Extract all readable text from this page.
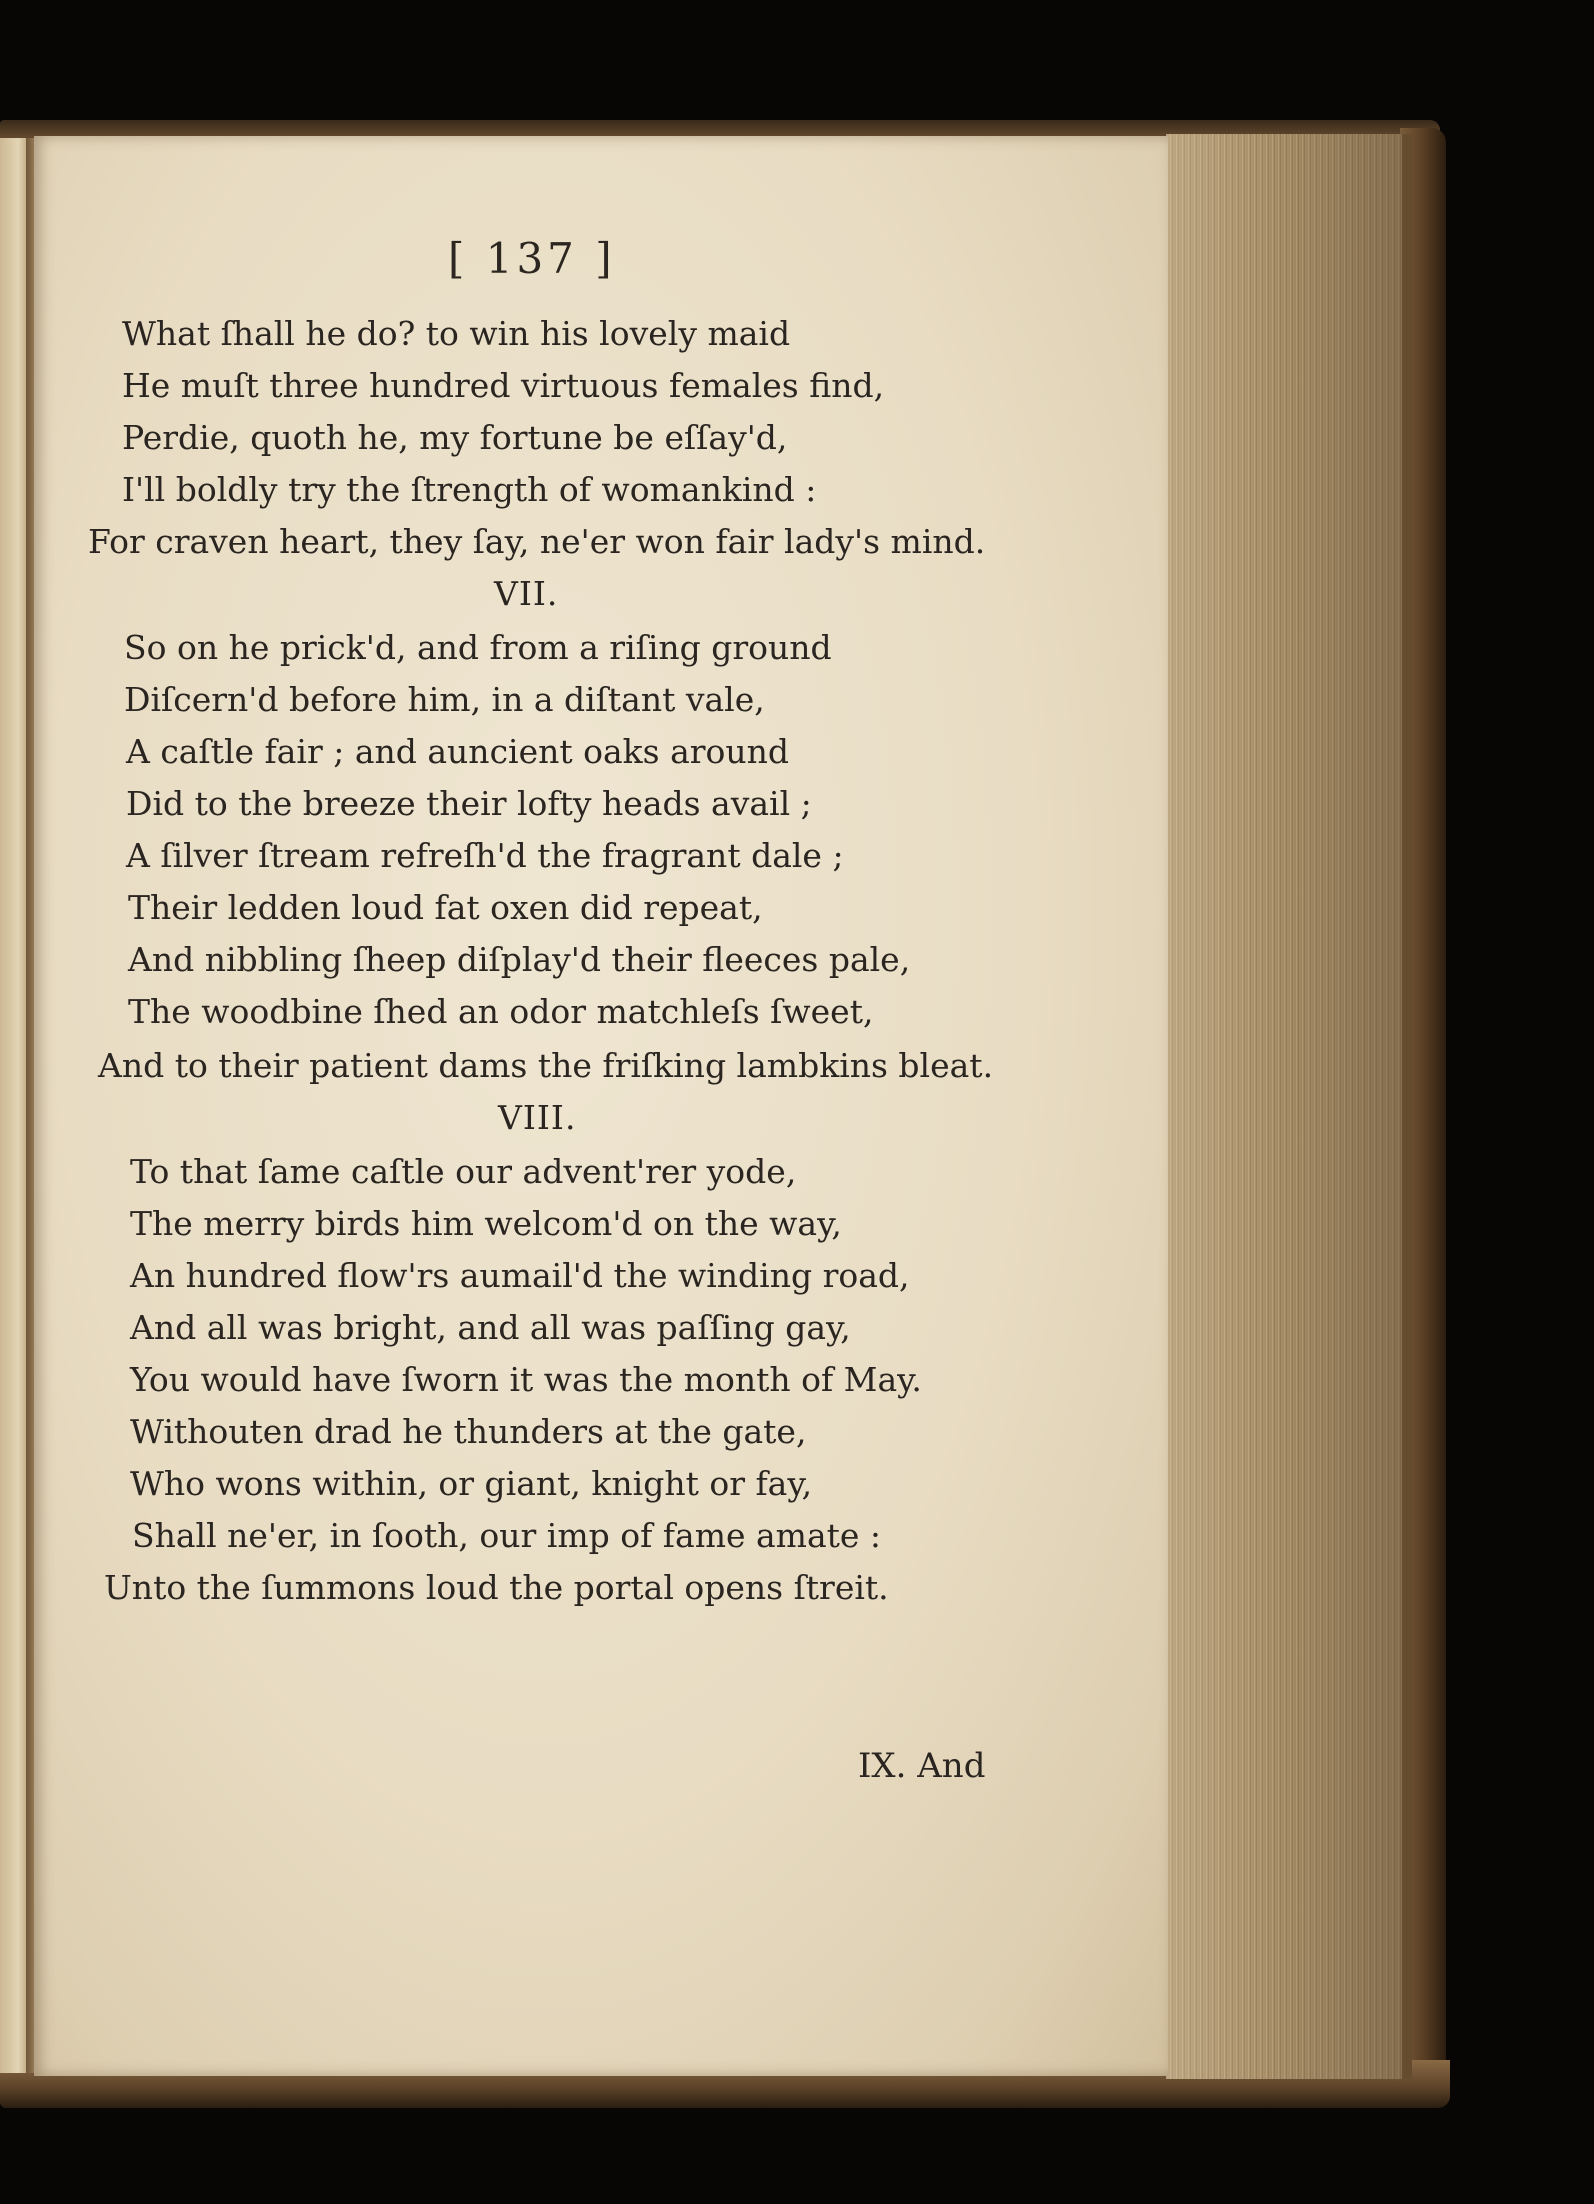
[ 137 ]
What ſhall he do? to win his lovely maid
He muſt three hundred virtuous females find,
Perdie, quoth he, my fortune be eſſay'd,
I'll boldly try the ſtrength of womankind :
For craven heart, they ſay, ne'er won fair lady's mind.
VII.
So on he prick'd, and from a riſing ground
Diſcern'd before him, in a diſtant vale,
A caſtle fair ; and auncient oaks around
Did to the breeze their lofty heads avail ;
A ſilver ſtream refreſh'd the fragrant dale ;
Their ledden loud fat oxen did repeat,
And nibbling ſheep diſplay'd their fleeces pale,
The woodbine ſhed an odor matchleſs ſweet,
And to their patient dams the friſking lambkins bleat.
VIII.
To that ſame caſtle our advent'rer yode,
The merry birds him welcom'd on the way,
An hundred flow'rs aumail'd the winding road,
And all was bright, and all was paſſing gay,
You would have ſworn it was the month of May.
Withouten drad he thunders at the gate,
Who wons within, or giant, knight or fay,
Shall ne'er, in ſooth, our imp of fame amate :
Unto the ſummons loud the portal opens ſtreit.
IX. And
